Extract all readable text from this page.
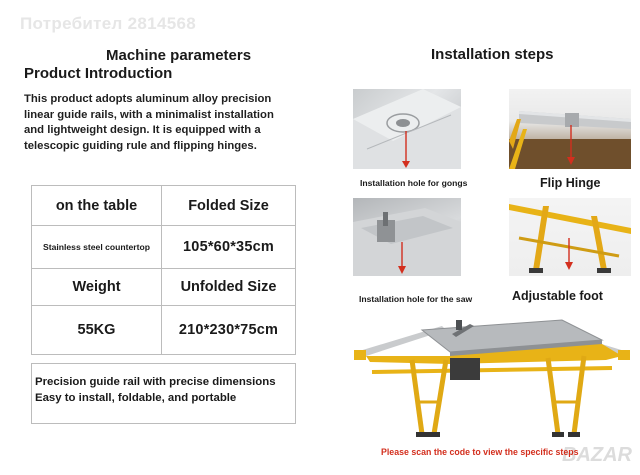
Потребител 2814568
BAZAR
Machine parameters
Product Introduction
This product adopts aluminum alloy precision
linear guide rails, with a minimalist installation
and lightweight design. It is equipped with a
telescopic guiding rule and flipping hinges.
on the table	Folded Size
Stainless steel countertop	105*60*35cm
Weight	Unfolded Size
55KG	210*230*75cm
Precision guide rail with precise dimensions
Easy to install, foldable, and portable
Installation steps
Installation hole for gongs	Flip Hinge
Installation hole for the saw	Adjustable foot
Please scan the code to view the specific steps
